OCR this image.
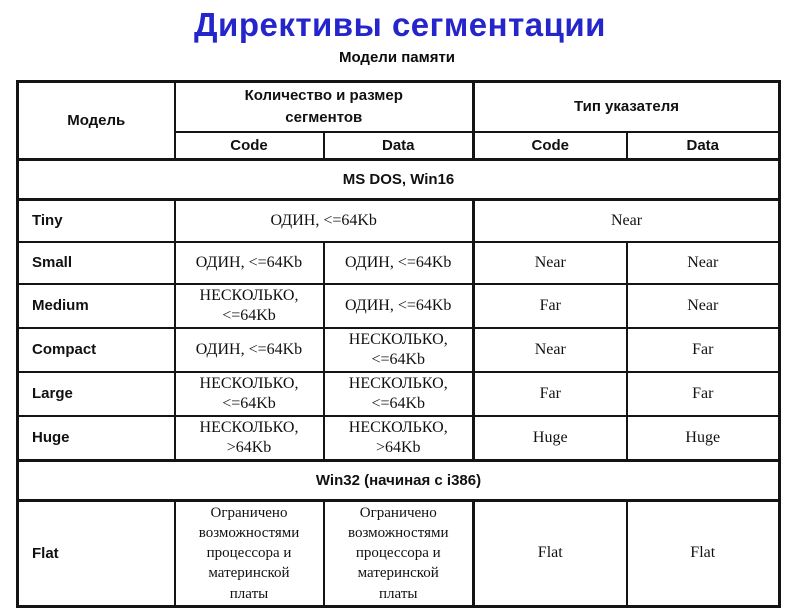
Директивы сегментации
Модели памяти
Модель	Количество и размер сегментов		Тип указателя	
	Code	Data	Code	Data
MS DOS, Win16				
Tiny	ОДИН, <=64Kb		Near	
Small	ОДИН, <=64Kb	ОДИН, <=64Kb	Near	Near
Medium	НЕСКОЛЬКО, <=64Kb	ОДИН, <=64Kb	Far	Near
Compact	ОДИН, <=64Kb	НЕСКОЛЬКО, <=64Kb	Near	Far
Large	НЕСКОЛЬКО, <=64Kb	НЕСКОЛЬКО, <=64Kb	Far	Far
Huge	НЕСКОЛЬКО, >64Kb	НЕСКОЛЬКО, >64Kb	Huge	Huge
Win32 (начиная с i386)				
Flat	Ограничено возможностями процессора и материнской платы	Ограничено возможностями процессора и материнской платы	Flat	Flat
